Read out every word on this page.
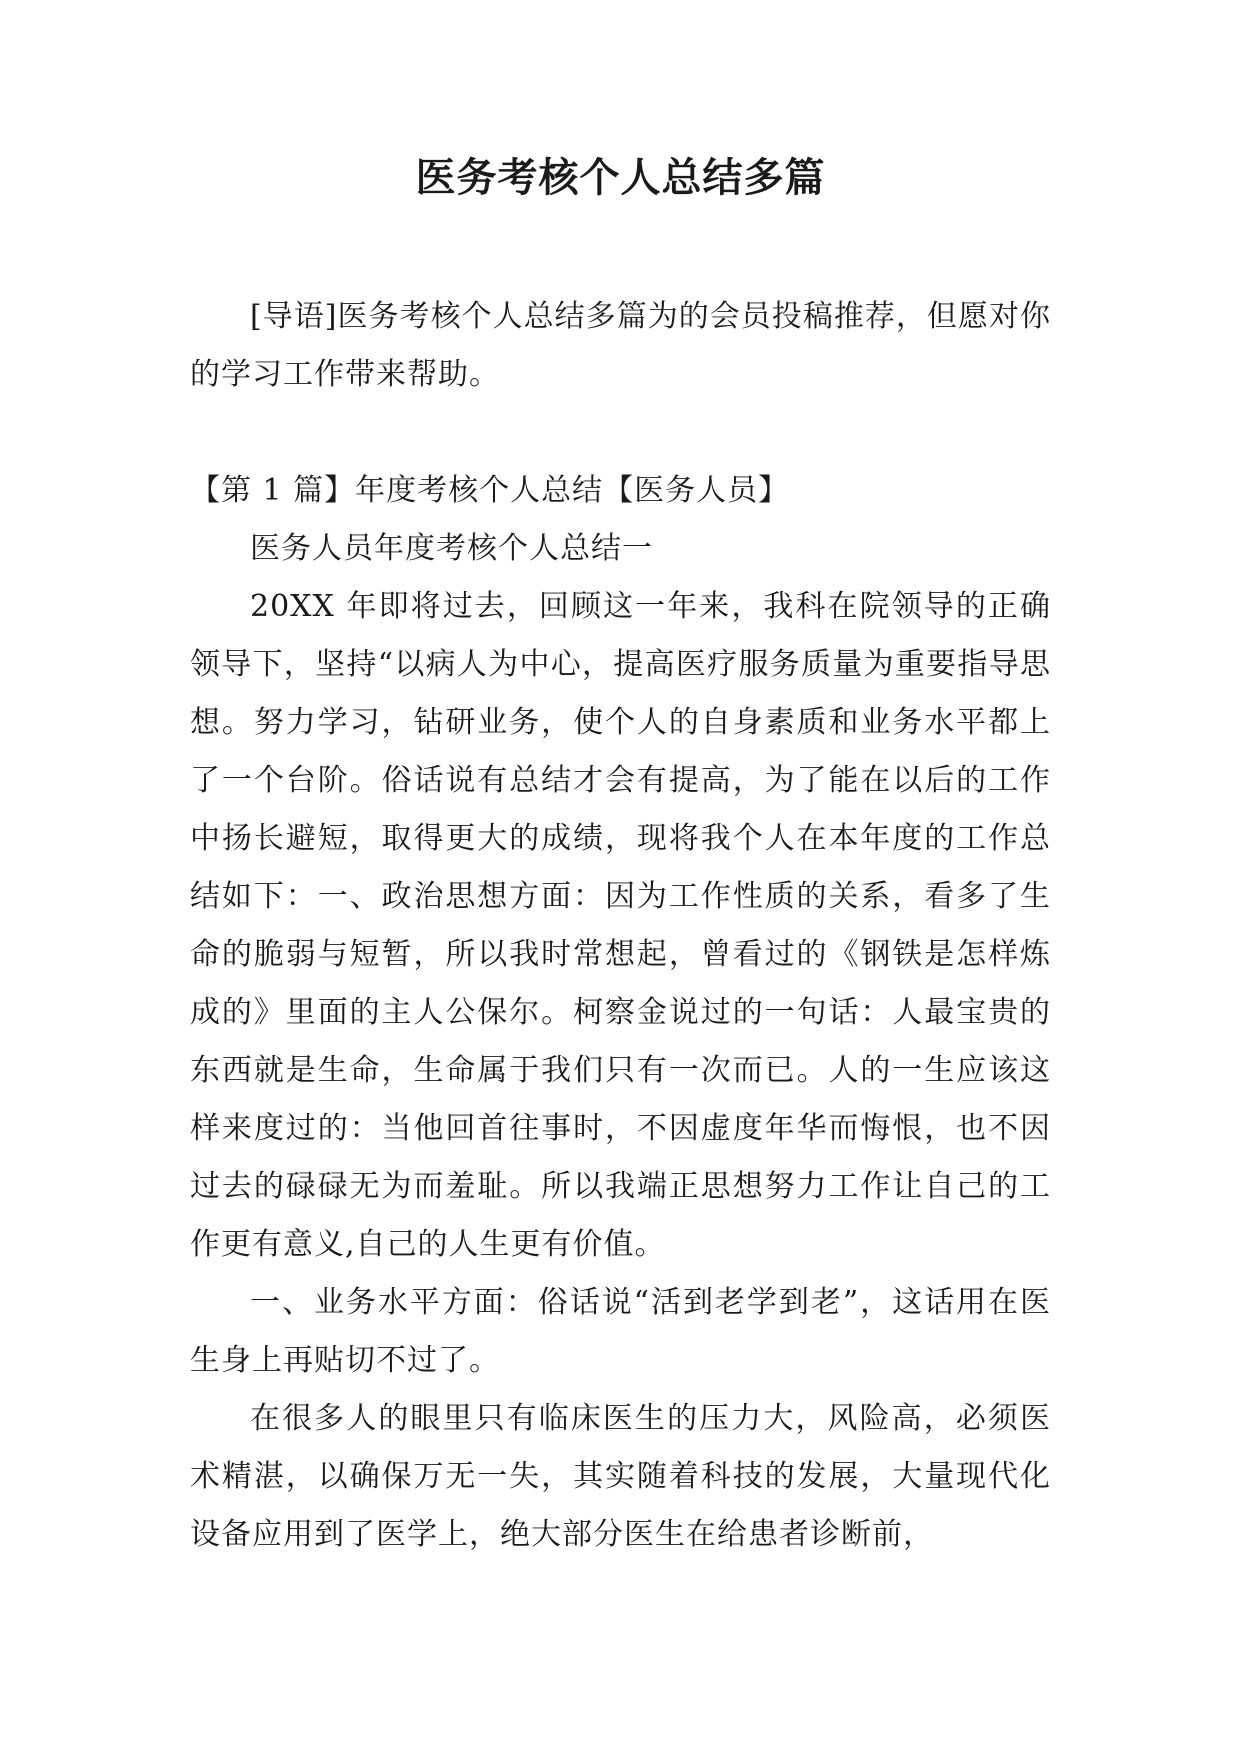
医务考核个人总结多篇

[导语]医务考核个人总结多篇为的会员投稿推荐，但愿对你的学习工作带来帮助。

【第 1 篇】年度考核个人总结【医务人员】

医务人员年度考核个人总结一

20XX 年即将过去，回顾这一年来，我科在院领导的正确领导下，坚持“以病人为中心，提高医疗服务质量为重要指导思想。努力学习，钻研业务，使个人的自身素质和业务水平都上了一个台阶。俗话说有总结才会有提高，为了能在以后的工作中扬长避短，取得更大的成绩，现将我个人在本年度的工作总结如下：一、政治思想方面：因为工作性质的关系，看多了生命的脆弱与短暂，所以我时常想起，曾看过的《钢铁是怎样炼成的》里面的主人公保尔。柯察金说过的一句话：人最宝贵的东西就是生命，生命属于我们只有一次而已。人的一生应该这样来度过的：当他回首往事时，不因虚度年华而悔恨，也不因过去的碌碌无为而羞耻。所以我端正思想努力工作让自己的工作更有意义,自己的人生更有价值。

一、业务水平方面：俗话说“活到老学到老”，这话用在医生身上再贴切不过了。

在很多人的眼里只有临床医生的压力大，风险高，必须医术精湛，以确保万无一失，其实随着科技的发展，大量现代化设备应用到了医学上，绝大部分医生在给患者诊断前，
